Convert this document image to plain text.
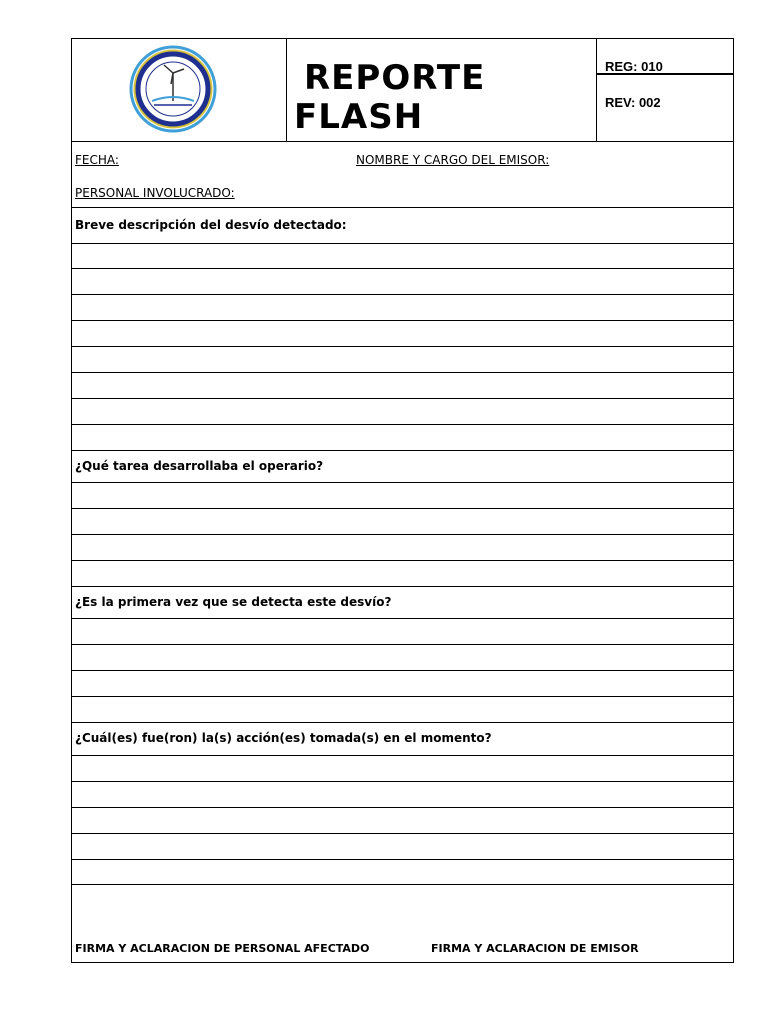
REPORTE
FLASH
REG: 010
REV: 002
FECHA:	NOMBRE Y CARGO DEL EMISOR:
PERSONAL INVOLUCRADO:
Breve descripción del desvío detectado:
¿Qué tarea desarrollaba el operario?
¿Es la primera vez que se detecta este desvío?
¿Cuál(es) fue(ron) la(s) acción(es) tomada(s) en el momento?
FIRMA Y ACLARACION DE PERSONAL AFECTADO	FIRMA Y ACLARACION DE EMISOR
